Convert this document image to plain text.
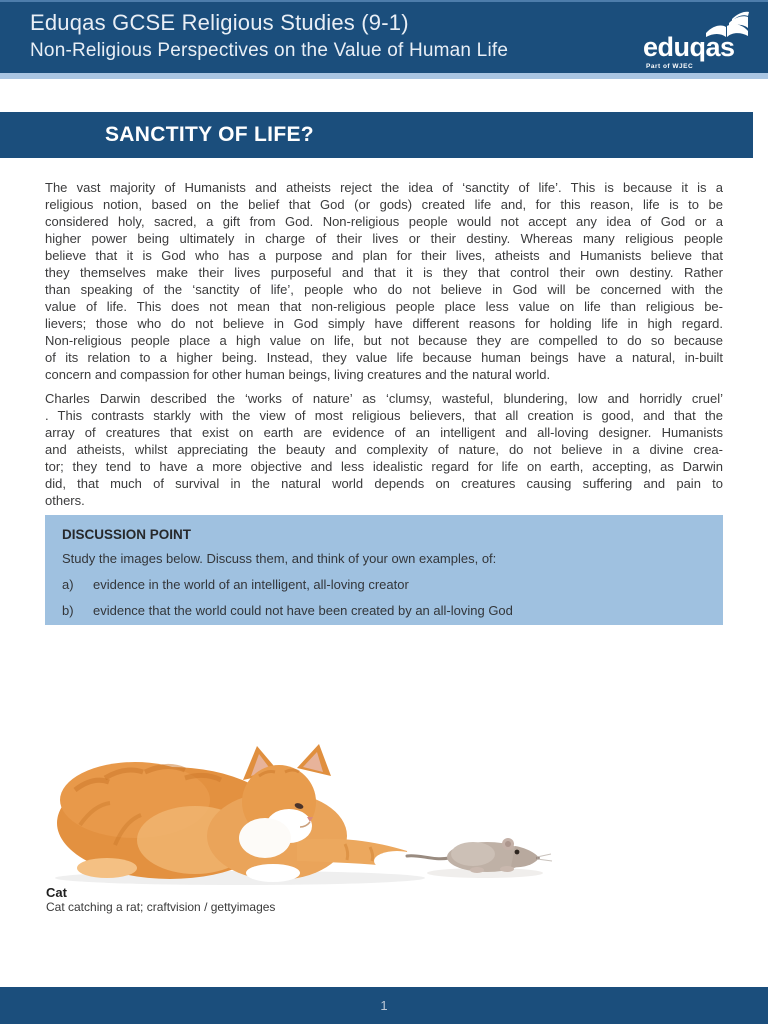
Eduqas GCSE Religious Studies (9-1)
Non-Religious Perspectives on the Value of Human Life	eduqas
Part of WJEC
SANCTITY OF LIFE?
The vast majority of Humanists and atheists reject the idea of ‘sanctity of life’. This is because it is a
religious notion, based on the belief that God (or gods) created life and, for this reason, life is to be
considered holy, sacred, a gift from God. Non-religious people would not accept any idea of God or a
higher power being ultimately in charge of their lives or their destiny. Whereas many religious people
believe that it is God who has a purpose and plan for their lives, atheists and Humanists believe that
they themselves make their lives purposeful and that it is they that control their own destiny. Rather
than speaking of the ‘sanctity of life’, people who do not believe in God will be concerned with the
value of life. This does not mean that non-religious people place less value on life than religious be-
lievers; those who do not believe in God simply have different reasons for holding life in high regard.
Non-religious people place a high value on life, but not because they are compelled to do so because
of its relation to a higher being. Instead, they value life because human beings have a natural, in-built
concern and compassion for other human beings, living creatures and the natural world.
Charles Darwin described the ‘works of nature’ as ‘clumsy, wasteful, blundering, low and horridly cruel’
. This contrasts starkly with the view of most religious believers, that all creation is good, and that the
array of creatures that exist on earth are evidence of an intelligent and all-loving designer. Humanists
and atheists, whilst appreciating the beauty and complexity of nature, do not believe in a divine crea-
tor; they tend to have a more objective and less idealistic regard for life on earth, accepting, as Darwin
did, that much of survival in the natural world depends on creatures causing suffering and pain to
others.
DISCUSSION POINT
Study the images below. Discuss them, and think of your own examples, of:
a)	evidence in the world of an intelligent, all-loving creator
b)	evidence that the world could not have been created by an all-loving God
Cat
Cat catching a rat; craftvision / gettyimages
1
